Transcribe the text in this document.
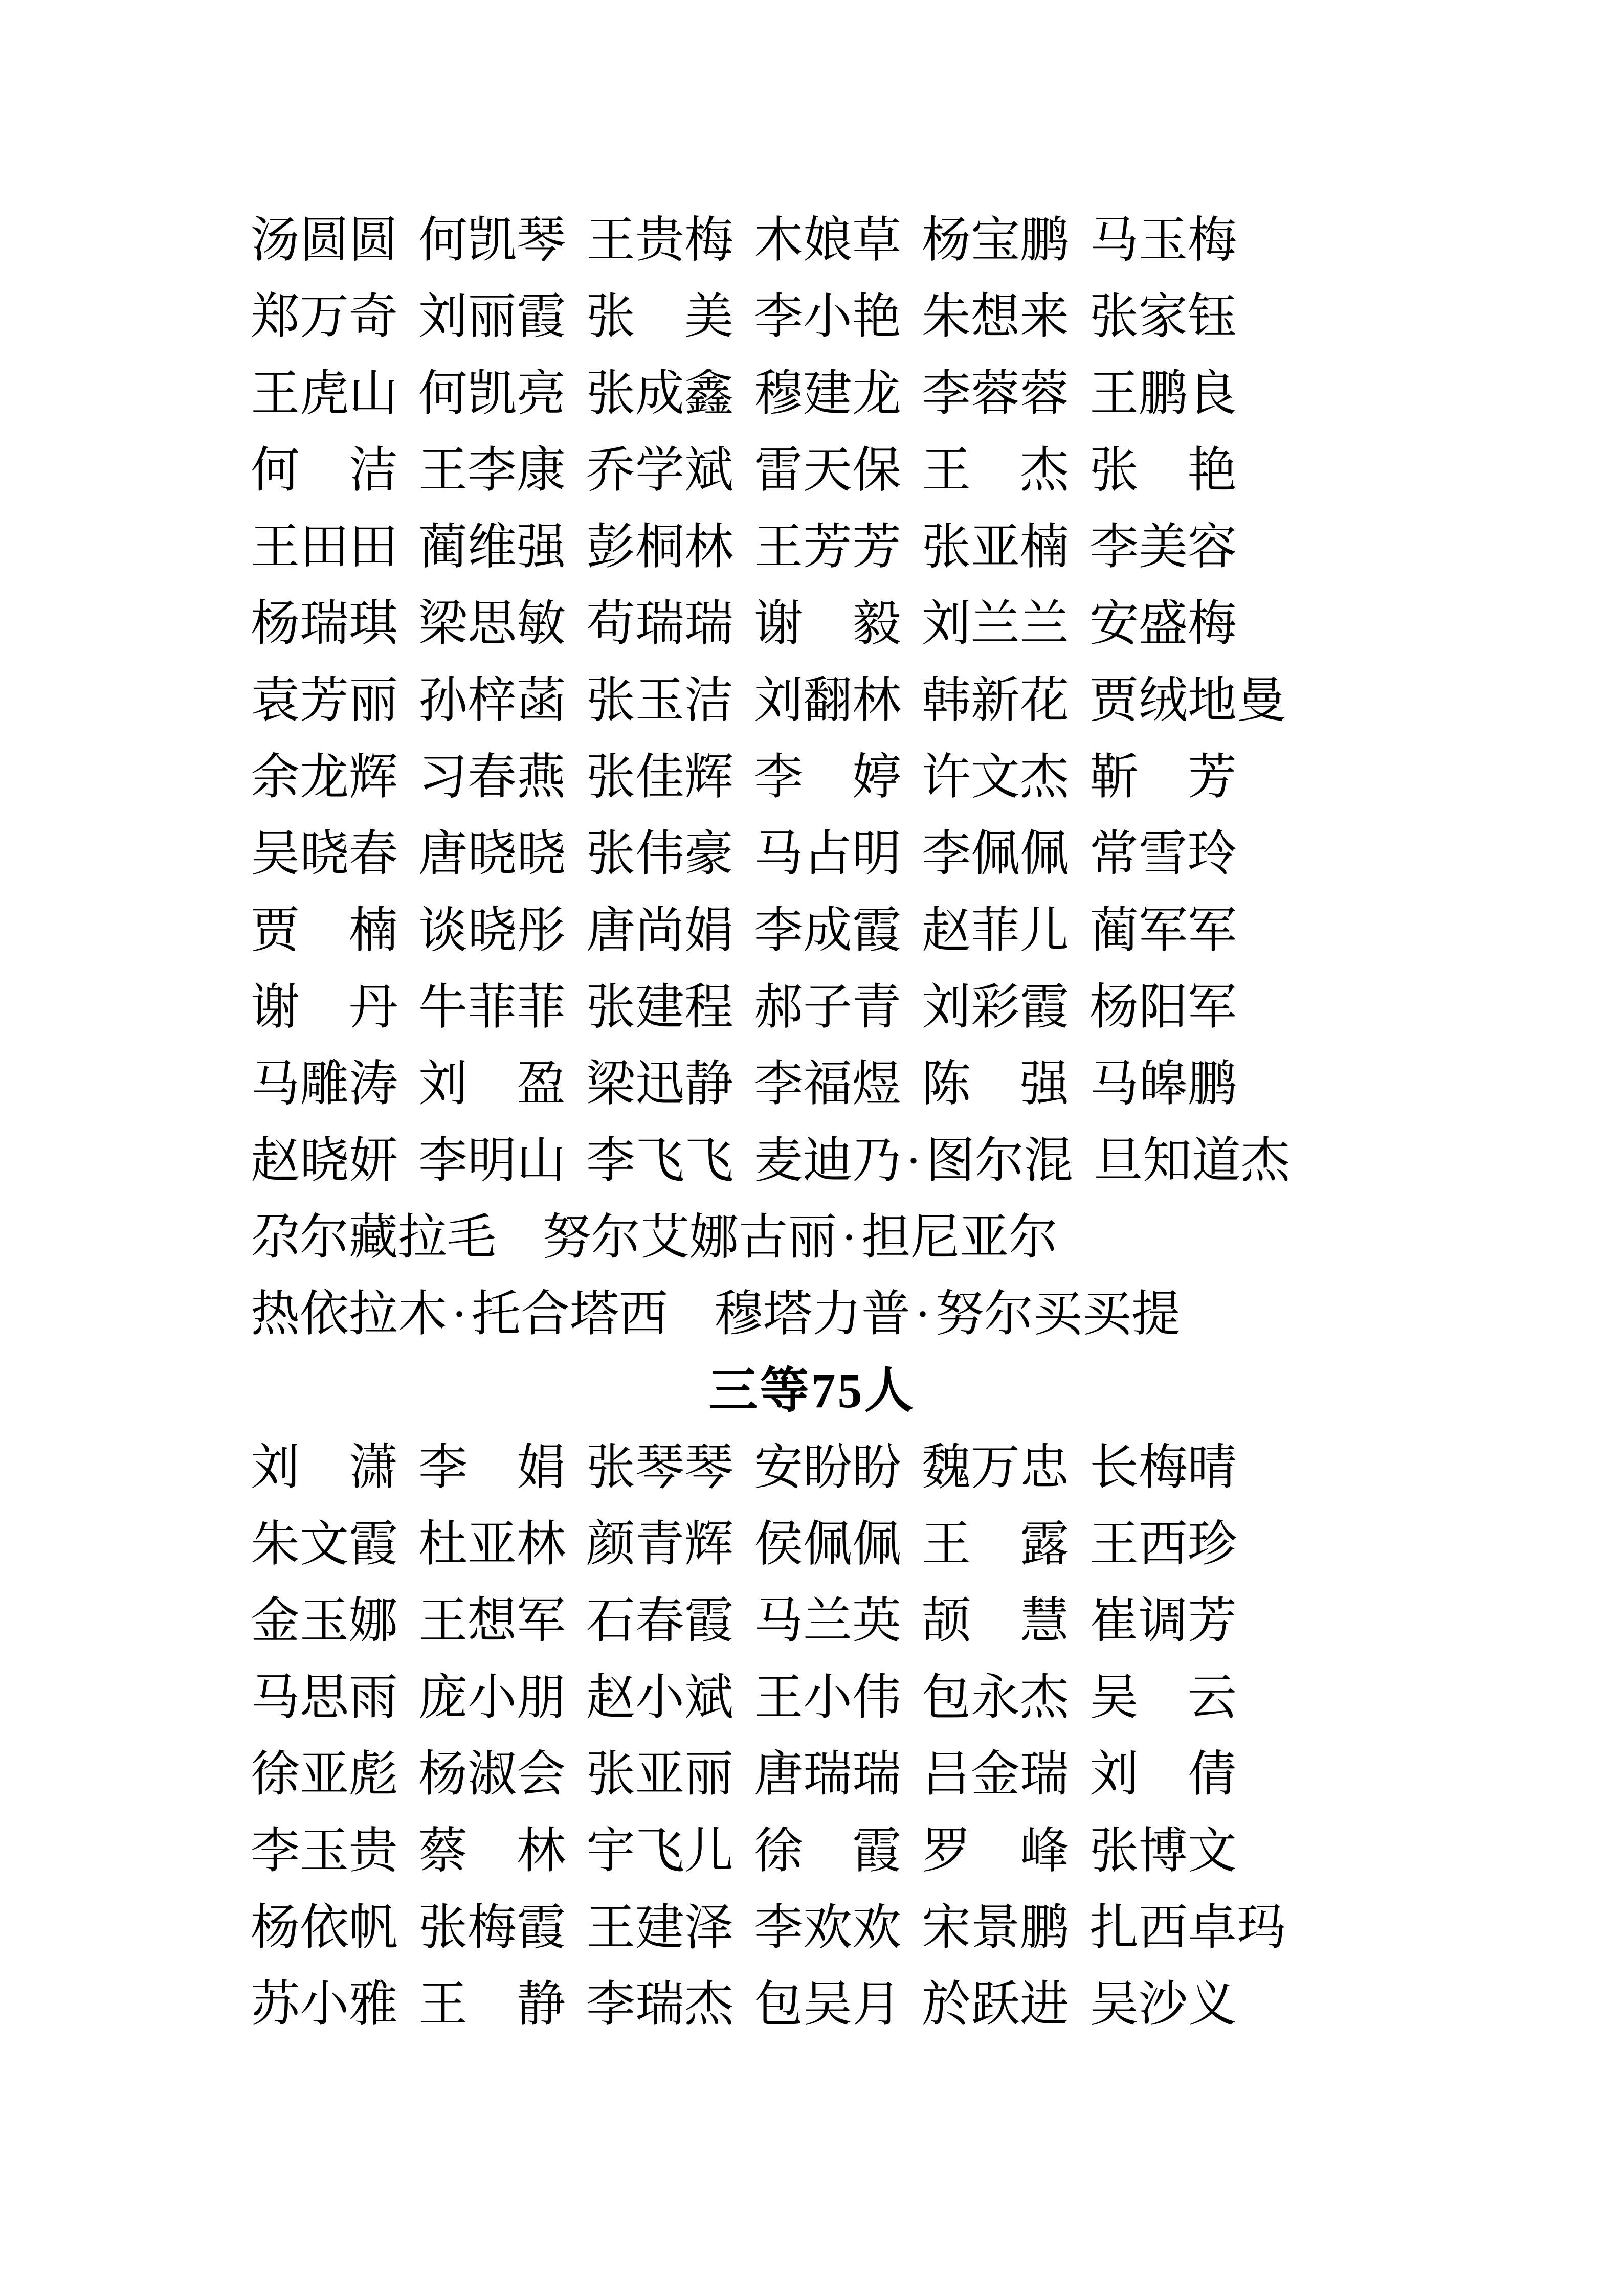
汤 圆 圆 何 凯 琴 王 贵 梅 木 娘 草 杨 宝 鹏 马 玉 梅
郑 万 奇 刘 丽 霞 张
　 美 李 小 艳 朱 想 来 张 家 钰
王 虎 山 何 凯 亮 张 成 鑫 穆 建 龙 李 蓉 蓉 王 鹏 良
何
　 洁 王 李 康 乔 学 斌 雷 天 保 王
　 杰 张
　 艳
王 田 田 蔺 维 强 彭 桐 林 王 芳 芳 张 亚 楠 李 美 容
杨 瑞 琪 梁 思 敏 苟 瑞 瑞 谢
　 毅 刘 兰 兰 安 盛 梅
袁 芳 丽 孙 梓 菡 张 玉 洁 刘 翻 林 韩 新 花 贾 绒 地 曼
余 龙 辉 习 春 燕 张 佳 辉 李
　 婷 许 文 杰 靳
　 芳
吴 晓 春 唐 晓 晓 张 伟 豪 马 占 明 李 佩 佩 常 雪 玲
贾
　 楠 谈 晓 彤 唐 尚 娟 李 成 霞 赵 菲 儿 蔺 军 军
谢
　 丹 牛 菲 菲 张 建 程 郝 子 青 刘 彩 霞 杨 阳 军
马 雕 涛 刘
　 盈 梁 迅 静 李 福 煜 陈
　 强 马 皞 鹏
赵 晓 妍 李 明 山 李 飞 飞 麦 迪 乃 · 图 尔 混 旦 知 道 杰
尕 尔 藏 拉 毛 努 尔 艾 娜 古 丽 · 担 尼 亚 尔
热 依 拉 木 · 托 合 塔 西 穆 塔 力 普 · 努 尔 买 买 提
三等75人
刘
　 潇 李
　 娟 张 琴 琴 安 盼 盼 魏 万 忠 长 梅 晴
朱 文 霞 杜 亚 林 颜 青 辉 侯 佩 佩 王
　 露 王 西 珍
金 玉 娜 王 想 军 石 春 霞 马 兰 英 颉
　 慧 崔 调 芳
马 思 雨 庞 小 朋 赵 小 斌 王 小 伟 包 永 杰 吴
　 云
徐 亚 彪 杨 淑 会 张 亚 丽 唐 瑞 瑞 吕 金 瑞 刘
　 倩
李 玉 贵 蔡
　 林 宇 飞 儿 徐
　 霞 罗
　 峰 张 博 文
杨 依 帆 张 梅 霞 王 建 泽 李 欢 欢 宋 景 鹏 扎 西 卓 玛
苏 小 雅 王
　 静 李 瑞 杰 包 吴 月 於 跃 进 吴 沙 义
